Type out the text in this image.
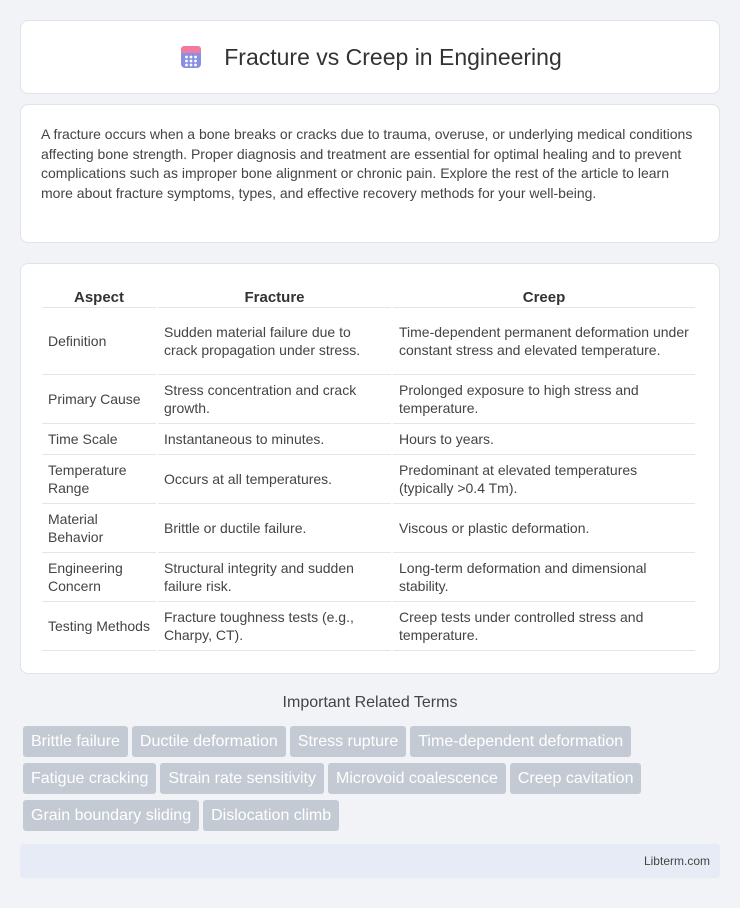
Fracture vs Creep in Engineering

A fracture occurs when a bone breaks or cracks due to trauma, overuse, or underlying medical conditions affecting bone strength. Proper diagnosis and treatment are essential for optimal healing and to prevent complications such as improper bone alignment or chronic pain. Explore the rest of the article to learn more about fracture symptoms, types, and effective recovery methods for your well-being.

Aspect	Fracture	Creep
Definition	Sudden material failure due to crack propagation under stress.	Time-dependent permanent deformation under constant stress and elevated temperature.
Primary Cause	Stress concentration and crack growth.	Prolonged exposure to high stress and temperature.
Time Scale	Instantaneous to minutes.	Hours to years.
Temperature Range	Occurs at all temperatures.	Predominant at elevated temperatures (typically >0.4 Tm).
Material Behavior	Brittle or ductile failure.	Viscous or plastic deformation.
Engineering Concern	Structural integrity and sudden failure risk.	Long-term deformation and dimensional stability.
Testing Methods	Fracture toughness tests (e.g., Charpy, CT).	Creep tests under controlled stress and temperature.
Important Related Terms
Brittle failure Ductile deformation Stress rupture Time-dependent deformation
Fatigue cracking Strain rate sensitivity Microvoid coalescence Creep cavitation
Grain boundary sliding Dislocation climb
Libterm.com
